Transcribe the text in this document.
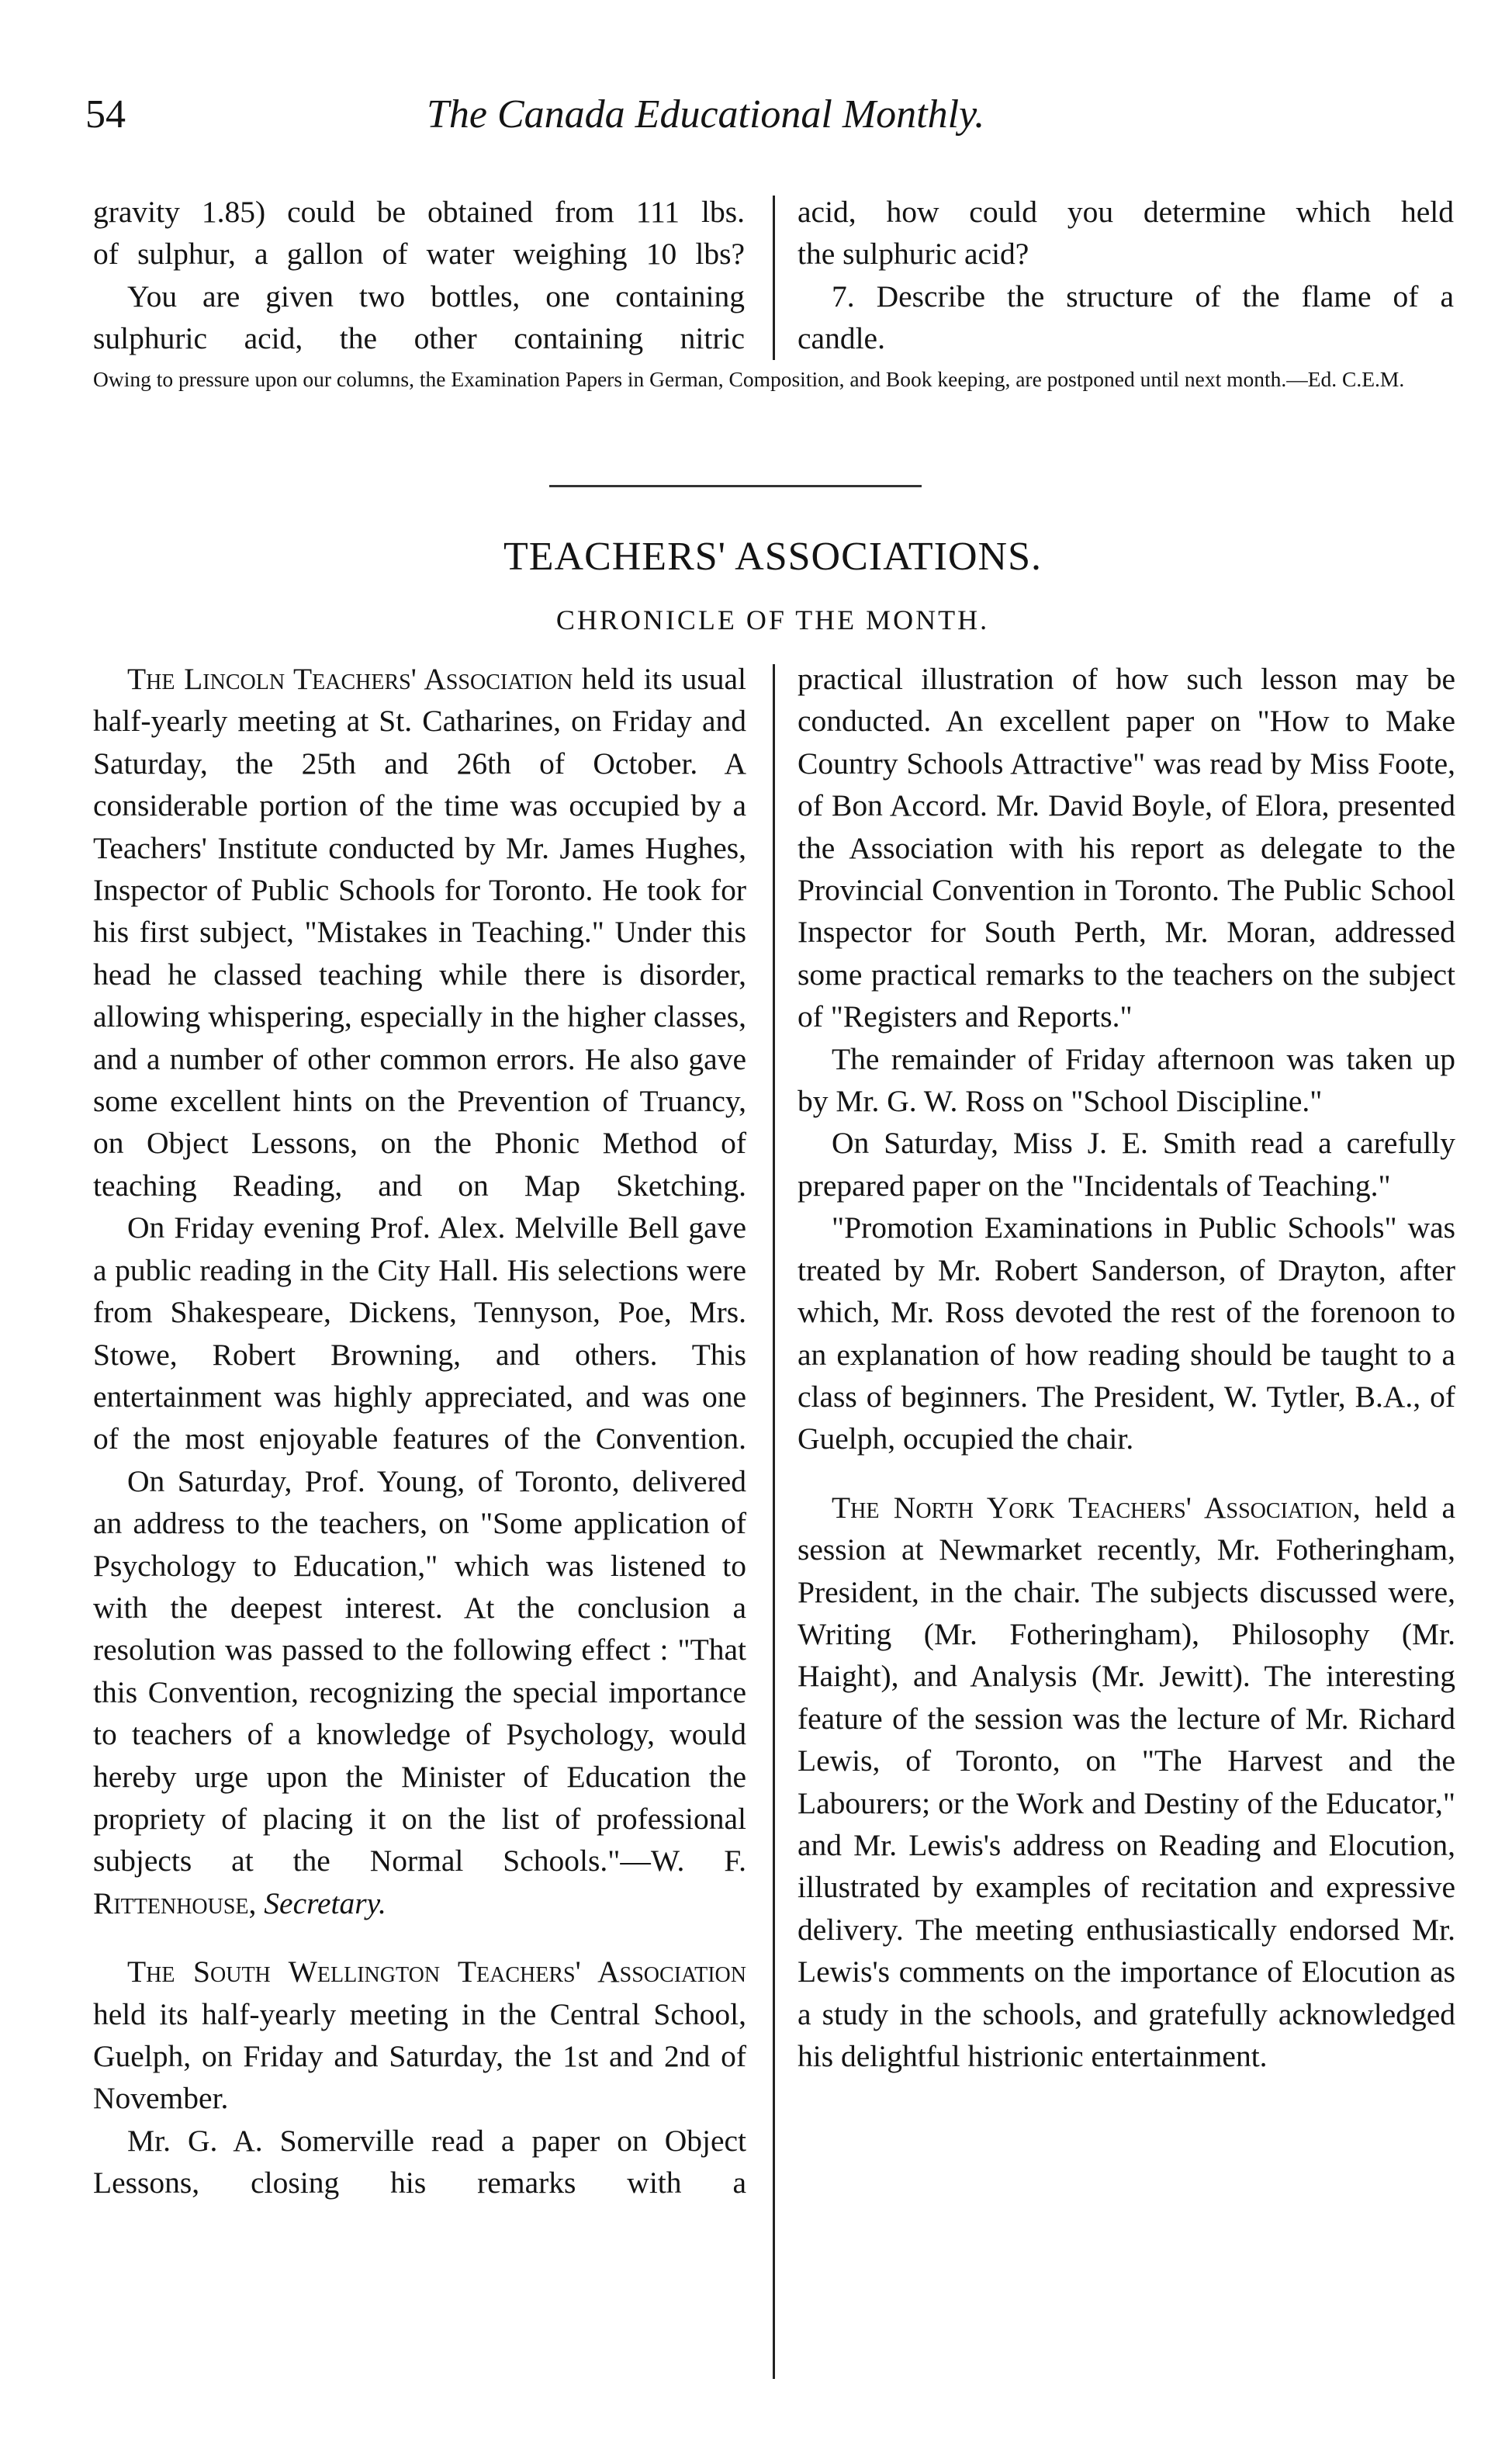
54	The Canada Educational Monthly.
gravity 1.85) could be obtained from 111 lbs.
of sulphur, a gallon of water weighing 10 lbs?
You are given two bottles, one containing
sulphuric acid, the other containing nitric
acid, how could you determine which held
the sulphuric acid?
7. Describe the structure of the flame of a
candle.
Owing to pressure upon our columns, the Examination Papers in German, Composition, and Book keeping, are postponed until next month.—Ed. C.E.M.
TEACHERS' ASSOCIATIONS.
CHRONICLE OF THE MONTH.
The Lincoln Teachers' Association held its usual half-yearly meeting at St. Catharines, on Friday and Saturday, the 25th and 26th of October. A considerable portion of the time was occupied by a Teachers' Institute conducted by Mr. James Hughes, Inspector of Public Schools for Toronto. He took for his first subject, "Mistakes in Teaching." Under this head he classed teaching while there is disorder, allowing whispering, especially in the higher classes, and a number of other common errors. He also gave some excellent hints on the Prevention of Truancy, on Object Lessons, on the Phonic Method of teaching Reading, and on Map Sketching.
On Friday evening Prof. Alex. Melville Bell gave a public reading in the City Hall. His selections were from Shakespeare, Dickens, Tennyson, Poe, Mrs. Stowe, Robert Browning, and others. This entertainment was highly appreciated, and was one of the most enjoyable features of the Convention.
On Saturday, Prof. Young, of Toronto, delivered an address to the teachers, on "Some application of Psychology to Education," which was listened to with the deepest interest. At the conclusion a resolution was passed to the following effect : "That this Convention, recognizing the special importance to teachers of a knowledge of Psychology, would hereby urge upon the Minister of Education the propriety of placing it on the list of professional subjects at the Normal Schools."—W. F. Rittenhouse, Secretary.
The South Wellington Teachers' Association held its half-yearly meeting in the Central School, Guelph, on Friday and Saturday, the 1st and 2nd of November.
Mr. G. A. Somerville read a paper on Object Lessons, closing his remarks with a
practical illustration of how such lesson may be conducted. An excellent paper on "How to Make Country Schools Attractive" was read by Miss Foote, of Bon Accord. Mr. David Boyle, of Elora, presented the Association with his report as delegate to the Provincial Convention in Toronto. The Public School Inspector for South Perth, Mr. Moran, addressed some practical remarks to the teachers on the subject of "Registers and Reports."
The remainder of Friday afternoon was taken up by Mr. G. W. Ross on "School Discipline."
On Saturday, Miss J. E. Smith read a carefully prepared paper on the "Incidentals of Teaching."
"Promotion Examinations in Public Schools" was treated by Mr. Robert Sanderson, of Drayton, after which, Mr. Ross devoted the rest of the forenoon to an explanation of how reading should be taught to a class of beginners. The President, W. Tytler, B.A., of Guelph, occupied the chair.
The North York Teachers' Association, held a session at Newmarket recently, Mr. Fotheringham, President, in the chair. The subjects discussed were, Writing (Mr. Fotheringham), Philosophy (Mr. Haight), and Analysis (Mr. Jewitt). The interesting feature of the session was the lecture of Mr. Richard Lewis, of Toronto, on "The Harvest and the Labourers; or the Work and Destiny of the Educator," and Mr. Lewis's address on Reading and Elocution, illustrated by examples of recitation and expressive delivery. The meeting enthusiastically endorsed Mr. Lewis's comments on the importance of Elocution as a study in the schools, and gratefully acknowledged his delightful histrionic entertainment.
